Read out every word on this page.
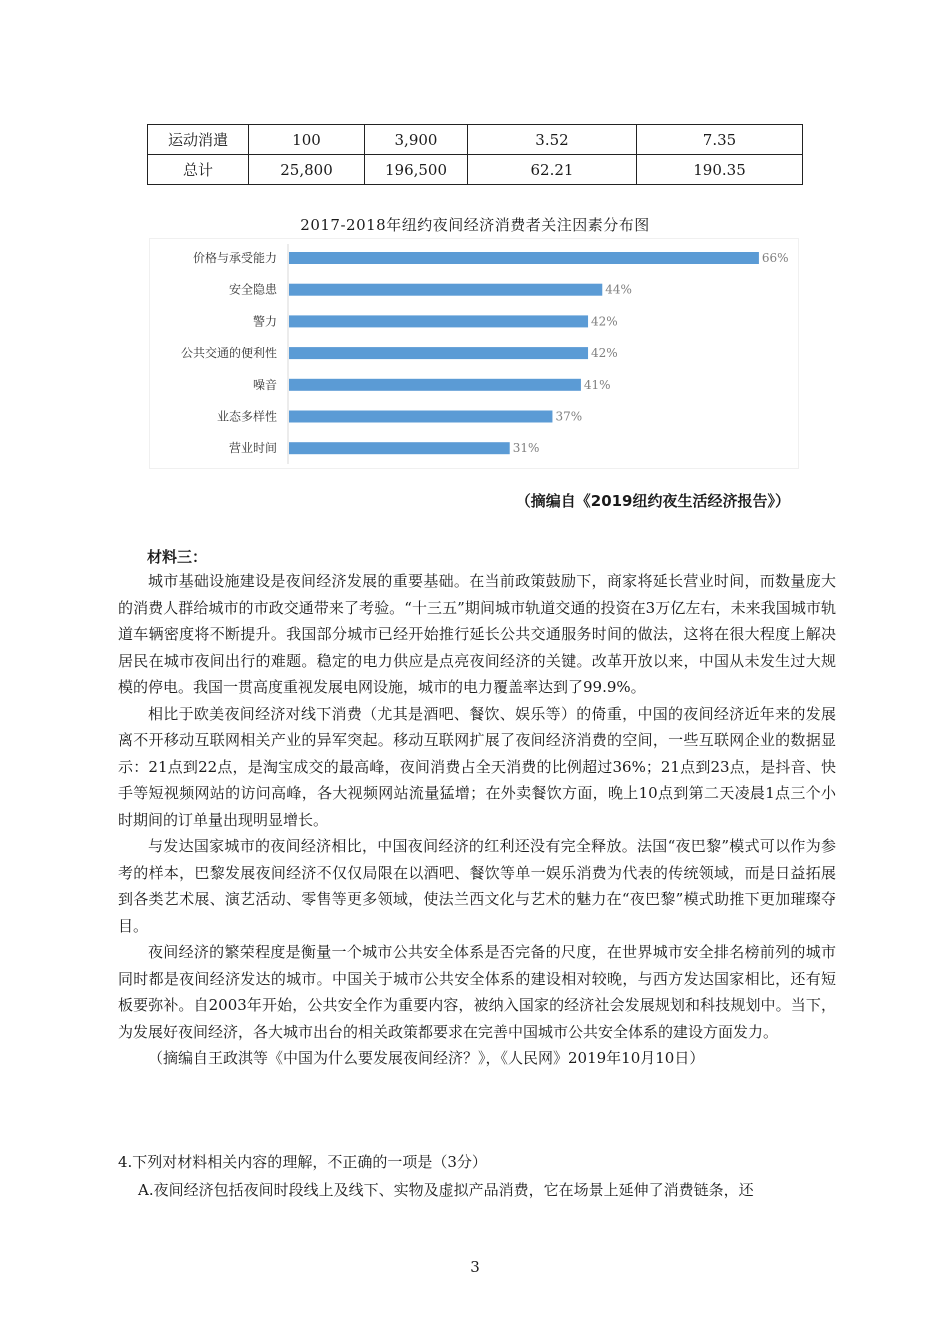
运动消遣	100	3,900	3.52	7.35
总计	25,800	196,500	62.21	190.35
2017-2018年纽约夜间经济消费者关注因素分布图
价格与承受能力	66%
安全隐患	44%
警力	42%
公共交通的便利性	42%
噪音	41%
业态多样性	37%
营业时间	31%
（摘编自《2019纽约夜生活经济报告》）
材料三：

城市基础设施建设是夜间经济发展的重要基础。在当前政策鼓励下，商家将延长营业时间，而数量庞大的消费人群给城市的市政交通带来了考验。“十三五”期间城市轨道交通的投资在3万亿左右，未来我国城市轨道车辆密度将不断提升。我国部分城市已经开始推行延长公共交通服务时间的做法，这将在很大程度上解决居民在城市夜间出行的难题。稳定的电力供应是点亮夜间经济的关键。改革开放以来，中国从未发生过大规模的停电。我国一贯高度重视发展电网设施，城市的电力覆盖率达到了99.9%。

相比于欧美夜间经济对线下消费（尤其是酒吧、餐饮、娱乐等）的倚重，中国的夜间经济近年来的发展离不开移动互联网相关产业的异军突起。移动互联网扩展了夜间经济消费的空间，一些互联网企业的数据显示：21点到22点，是淘宝成交的最高峰，夜间消费占全天消费的比例超过36%；21点到23点，是抖音、快手等短视频网站的访问高峰，各大视频网站流量猛增；在外卖餐饮方面，晚上10点到第二天凌晨1点三个小时期间的订单量出现明显增长。

与发达国家城市的夜间经济相比，中国夜间经济的红利还没有完全释放。法国“夜巴黎”模式可以作为参考的样本，巴黎发展夜间经济不仅仅局限在以酒吧、餐饮等单一娱乐消费为代表的传统领域，而是日益拓展到各类艺术展、演艺活动、零售等更多领域，使法兰西文化与艺术的魅力在“夜巴黎”模式助推下更加璀璨夺目。

夜间经济的繁荣程度是衡量一个城市公共安全体系是否完备的尺度，在世界城市安全排名榜前列的城市同时都是夜间经济发达的城市。中国关于城市公共安全体系的建设相对较晚，与西方发达国家相比，还有短板要弥补。自2003年开始，公共安全作为重要内容，被纳入国家的经济社会发展规划和科技规划中。当下，为发展好夜间经济，各大城市出台的相关政策都要求在完善中国城市公共安全体系的建设方面发力。

（摘编自王政淇等《中国为什么要发展夜间经济？》，《人民网》2019年10月10日）

4.下列对材料相关内容的理解，不正确的一项是（3分）
A.夜间经济包括夜间时段线上及线下、实物及虚拟产品消费，它在场景上延伸了消费链条，还
3
